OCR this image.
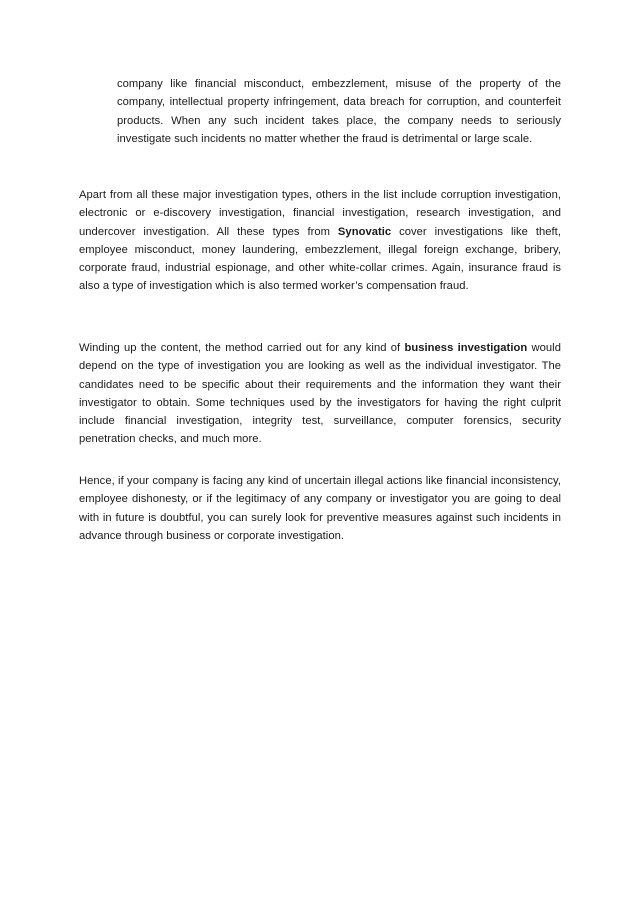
company like financial misconduct, embezzlement, misuse of the property of the company, intellectual property infringement, data breach for corruption, and counterfeit products. When any such incident takes place, the company needs to seriously investigate such incidents no matter whether the fraud is detrimental or large scale.

Apart from all these major investigation types, others in the list include corruption investigation, electronic or e-discovery investigation, financial investigation, research investigation, and undercover investigation. All these types from Synovatic cover investigations like theft, employee misconduct, money laundering, embezzlement, illegal foreign exchange, bribery, corporate fraud, industrial espionage, and other white-collar crimes. Again, insurance fraud is also a type of investigation which is also termed worker’s compensation fraud.

Winding up the content, the method carried out for any kind of business investigation would depend on the type of investigation you are looking as well as the individual investigator. The candidates need to be specific about their requirements and the information they want their investigator to obtain. Some techniques used by the investigators for having the right culprit include financial investigation, integrity test, surveillance, computer forensics, security penetration checks, and much more.

Hence, if your company is facing any kind of uncertain illegal actions like financial inconsistency, employee dishonesty, or if the legitimacy of any company or investigator you are going to deal with in future is doubtful, you can surely look for preventive measures against such incidents in advance through business or corporate investigation.
